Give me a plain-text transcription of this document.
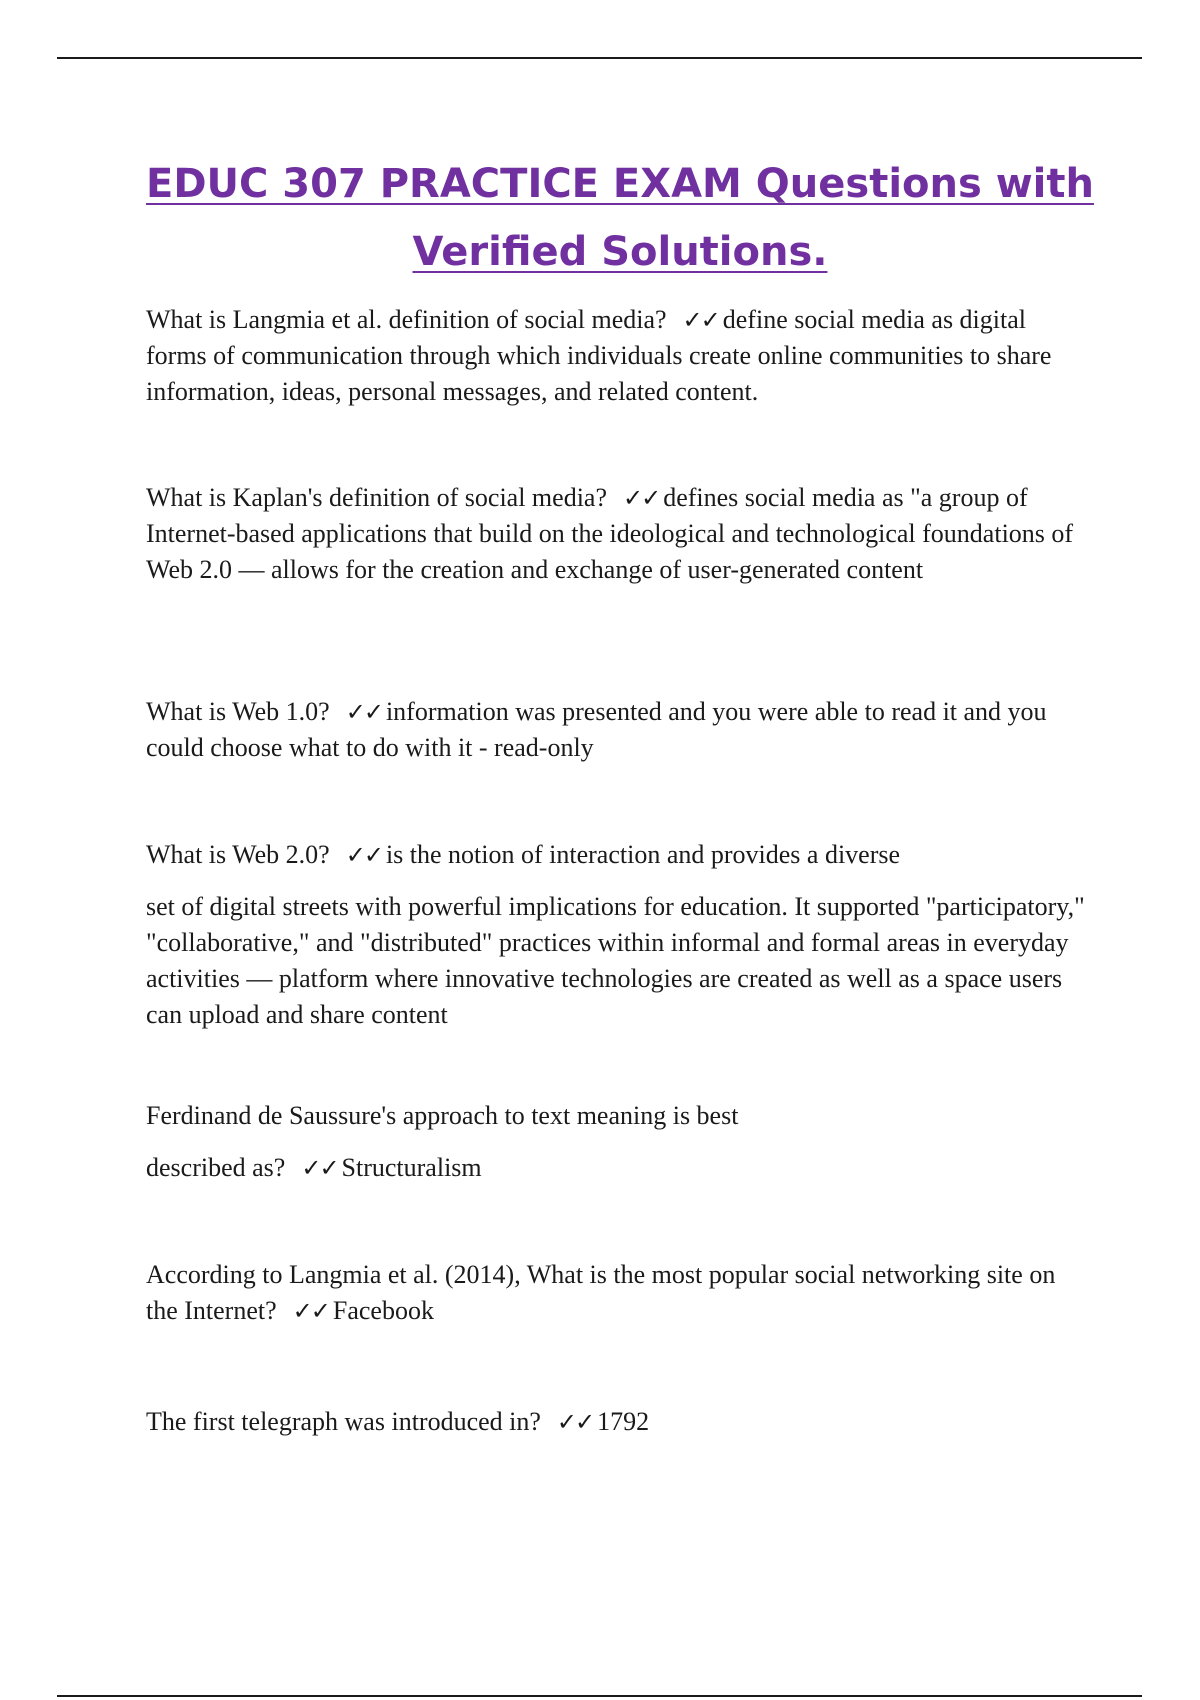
EDUC 307 PRACTICE EXAM Questions with Verified Solutions.

What is Langmia et al. definition of social media? ✓✓ define social media as digital forms of communication through which individuals create online communities to share information, ideas, personal messages, and related content.

What is Kaplan's definition of social media? ✓✓ defines social media as "a group of Internet-based applications that build on the ideological and technological foundations of Web 2.0 — allows for the creation and exchange of user-generated content

What is Web 1.0? ✓✓ information was presented and you were able to read it and you could choose what to do with it - read-only

What is Web 2.0? ✓✓ is the notion of interaction and provides a diverse
set of digital streets with powerful implications for education. It supported "participatory," "collaborative," and "distributed" practices within informal and formal areas in everyday activities — platform where innovative technologies are created as well as a space users can upload and share content

Ferdinand de Saussure's approach to text meaning is best
described as? ✓✓ Structuralism

According to Langmia et al. (2014), What is the most popular social networking site on the Internet? ✓✓ Facebook

The first telegraph was introduced in? ✓✓ 1792
